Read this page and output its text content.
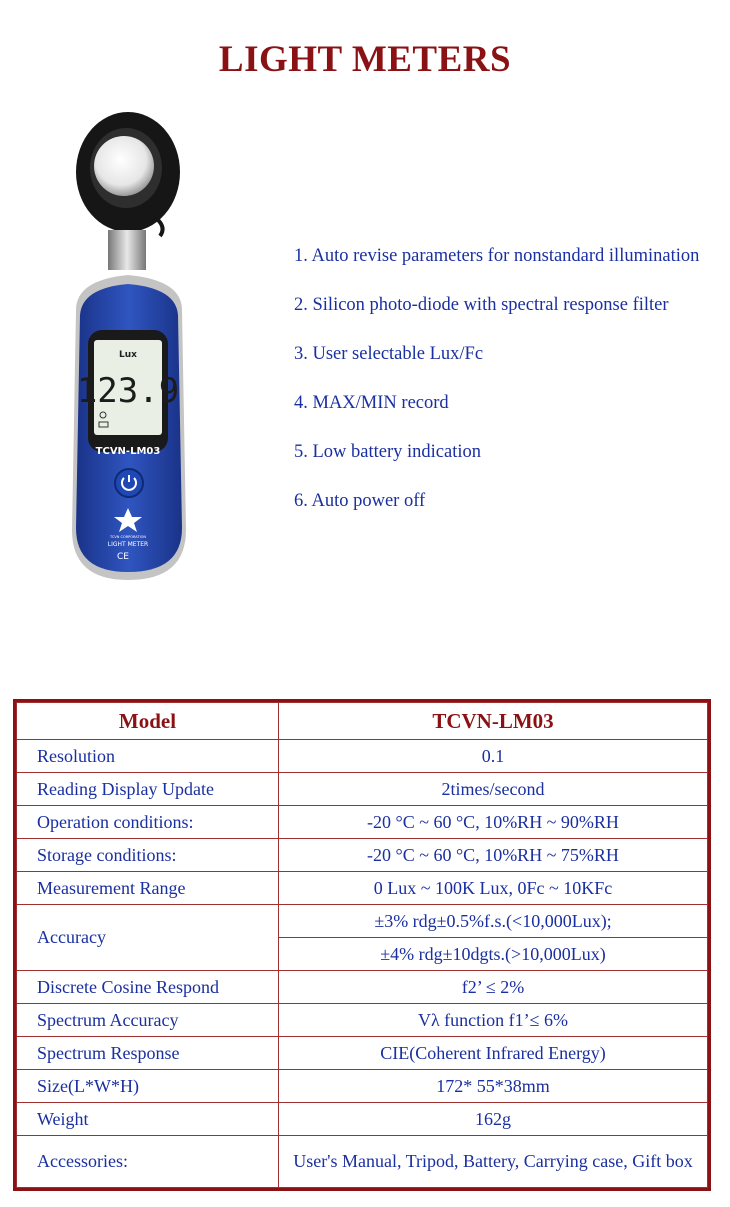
LIGHT METERS
Lux
123.9
TCVN-LM03
TCVN CORPORATION
LIGHT METER
CE
1. Auto revise parameters for nonstandard illumination
2. Silicon photo-diode with spectral response filter
3. User selectable Lux/Fc
4. MAX/MIN record
5. Low battery indication
6. Auto power off
Model	TCVN-LM03
Resolution	0.1
Reading Display Update	2times/second
Operation conditions:	-20 °C ~ 60 °C, 10%RH ~ 90%RH
Storage conditions:	-20 °C ~ 60 °C, 10%RH ~ 75%RH
Measurement Range	0 Lux ~ 100K Lux, 0Fc ~ 10KFc
Accuracy	±3% rdg±0.5%f.s.(<10,000Lux);
	±4% rdg±10dgts.(>10,000Lux)
Discrete Cosine Respond	f2’ ≤ 2%
Spectrum Accuracy	Vλ function f1’≤ 6%
Spectrum Response	CIE(Coherent Infrared Energy)
Size(L*W*H)	172* 55*38mm
Weight	162g
Accessories:	User's Manual, Tripod, Battery, Carrying case, Gift box
